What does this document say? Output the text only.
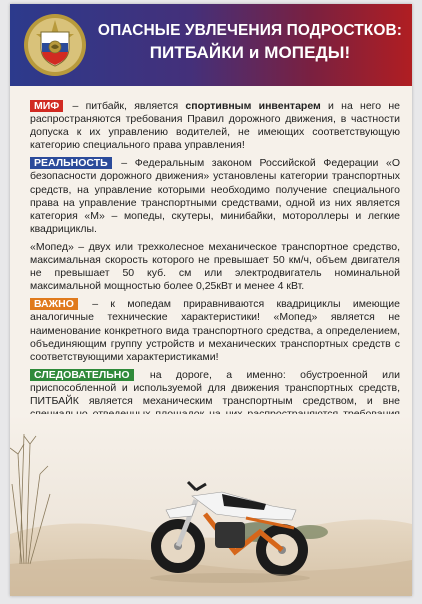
ОПАСНЫЕ УВЛЕЧЕНИЯ ПОДРОСТКОВ:
ПИТБАЙКИ и МОПЕДЫ!

МИФ – питбайк, является спортивным инвентарем и на него не распространяются требования Правил дорожного движения, в частности допуска к их управлению водителей, не имеющих соответствующую категорию специального права управления!

РЕАЛЬНОСТЬ – Федеральным законом Российской Федерации «О безопасности дорожного движения» установлены категории транспортных средств, на управление которыми необходимо получение специального права на управление транспортными средствами, одной из них является категория «М» – мопеды, скутеры, минибайки, мотороллеры и легкие квадрициклы.

«Мопед» – двух или трехколесное механическое транспортное средство, максимальная скорость которого не превышает 50 км/ч, объем двигателя не превышает 50 куб. см или электродвигатель номинальной максимальной мощностью более 0,25кВт и менее 4 кВт.

ВАЖНО – к мопедам приравниваются квадрициклы имеющие аналогичные технические характеристики! «Мопед» является не наименование конкретного вида транспортного средства, а определением, объединяющим группу устройств и механических транспортных средств с соответствующими характеристиками!

СЛЕДОВАТЕЛЬНО на дороге, а именно: обустроенной или приспособленной и используемой для движения транспортных средств, ПИТБАЙК является механическим транспортным средством, и вне
